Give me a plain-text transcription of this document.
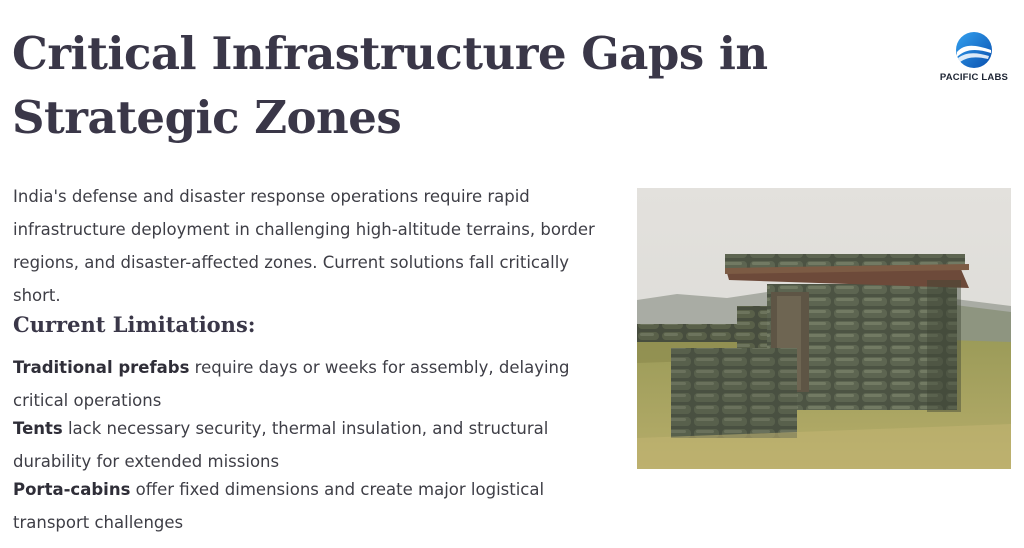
Critical Infrastructure Gaps in Strategic Zones
PACIFIC LABS

India's defense and disaster response operations require rapid infrastructure deployment in challenging high-altitude terrains, border regions, and disaster-affected zones. Current solutions fall critically short.

Current Limitations:
Traditional prefabs require days or weeks for assembly, delaying critical operations
Tents lack necessary security, thermal insulation, and structural durability for extended missions
Porta-cabins offer fixed dimensions and create major logistical transport challenges
